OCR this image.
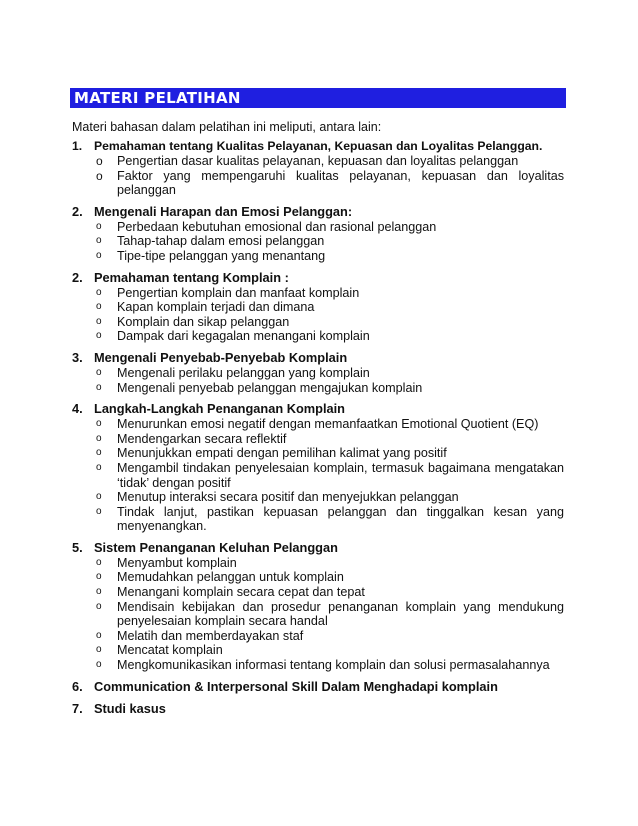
MATERI PELATIHAN
Materi bahasan dalam pelatihan ini meliputi, antara lain:
1. Pemahaman tentang Kualitas Pelayanan, Kepuasan dan Loyalitas Pelanggan.
o	Pengertian dasar kualitas pelayanan, kepuasan dan loyalitas pelanggan
o	Faktor yang mempengaruhi kualitas pelayanan, kepuasan dan loyalitas pelanggan
2. Mengenali Harapan dan Emosi Pelanggan:
o	Perbedaan kebutuhan emosional dan rasional pelanggan
o	Tahap-tahap dalam emosi pelanggan
o	Tipe-tipe pelanggan yang menantang
2. Pemahaman tentang Komplain :
o	Pengertian komplain dan manfaat komplain
o	Kapan komplain terjadi dan dimana
o	Komplain dan sikap pelanggan
o	Dampak dari kegagalan menangani komplain
3. Mengenali Penyebab-Penyebab Komplain
o	Mengenali perilaku pelanggan yang komplain
o	Mengenali penyebab pelanggan mengajukan komplain
4. Langkah-Langkah Penanganan Komplain
o	Menurunkan emosi negatif dengan memanfaatkan Emotional Quotient (EQ)
o	Mendengarkan secara reflektif
o	Menunjukkan empati dengan pemilihan kalimat yang positif
o	Mengambil tindakan penyelesaian komplain, termasuk bagaimana mengatakan ‘tidak’ dengan positif
o	Menutup interaksi secara positif dan menyejukkan pelanggan
o	Tindak lanjut, pastikan kepuasan pelanggan dan tinggalkan kesan yang menyenangkan.
5. Sistem Penanganan Keluhan Pelanggan
o	Menyambut komplain
o	Memudahkan pelanggan untuk komplain
o	Menangani komplain secara cepat dan tepat
o	Mendisain kebijakan dan prosedur penanganan komplain yang mendukung penyelesaian komplain secara handal
o	Melatih dan memberdayakan staf
o	Mencatat komplain
o	Mengkomunikasikan informasi tentang komplain dan solusi permasalahannya
6. Communication & Interpersonal Skill Dalam Menghadapi komplain
7. Studi kasus
